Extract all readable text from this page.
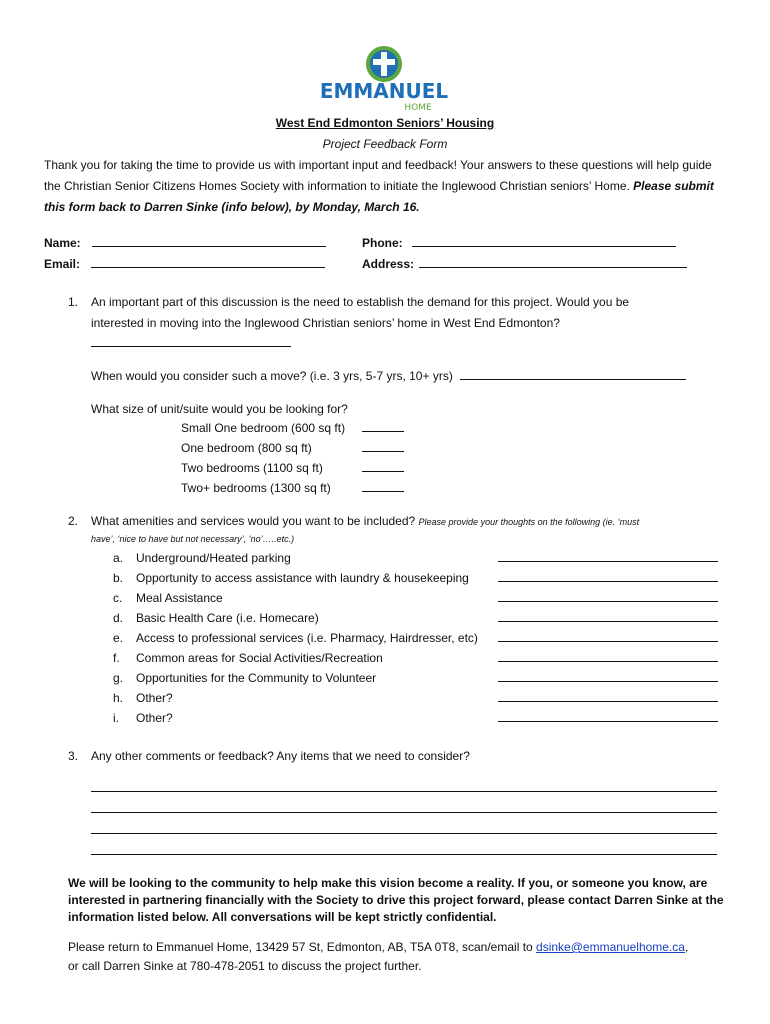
EMMANUEL
HOME
West End Edmonton Seniors’ Housing
Project Feedback Form
Thank you for taking the time to provide us with important input and feedback! Your answers to these questions will help guide the Christian Senior Citizens Homes Society with information to initiate the Inglewood Christian seniors’ Home. Please submit this form back to Darren Sinke (info below), by Monday, March 16.
Name:
Email:
Phone:
Address:
1. An important part of this discussion is the need to establish the demand for this project. Would you be
interested in moving into the Inglewood Christian seniors’ home in West End Edmonton?
When would you consider such a move? (i.e. 3 yrs, 5-7 yrs, 10+ yrs)
What size of unit/suite would you be looking for?
Small One bedroom (600 sq ft)
One bedroom (800 sq ft)
Two bedrooms (1100 sq ft)
Two+ bedrooms (1300 sq ft)
2. What amenities and services would you want to be included? Please provide your thoughts on the following (ie. ‘must
have’, ‘nice to have but not necessary’, ‘no’…..etc.)
a. Underground/Heated parking
b. Opportunity to access assistance with laundry & housekeeping
c. Meal Assistance
d. Basic Health Care (i.e. Homecare)
e. Access to professional services (i.e. Pharmacy, Hairdresser, etc)
f. Common areas for Social Activities/Recreation
g. Opportunities for the Community to Volunteer
h. Other?
i. Other?
3. Any other comments or feedback? Any items that we need to consider?
We will be looking to the community to help make this vision become a reality. If you, or someone you know, are interested in partnering financially with the Society to drive this project forward, please contact Darren Sinke at the information listed below. All conversations will be kept strictly confidential.
Please return to Emmanuel Home, 13429 57 St, Edmonton, AB, T5A 0T8, scan/email to dsinke@emmanuelhome.ca,
or call Darren Sinke at 780-478-2051 to discuss the project further.
